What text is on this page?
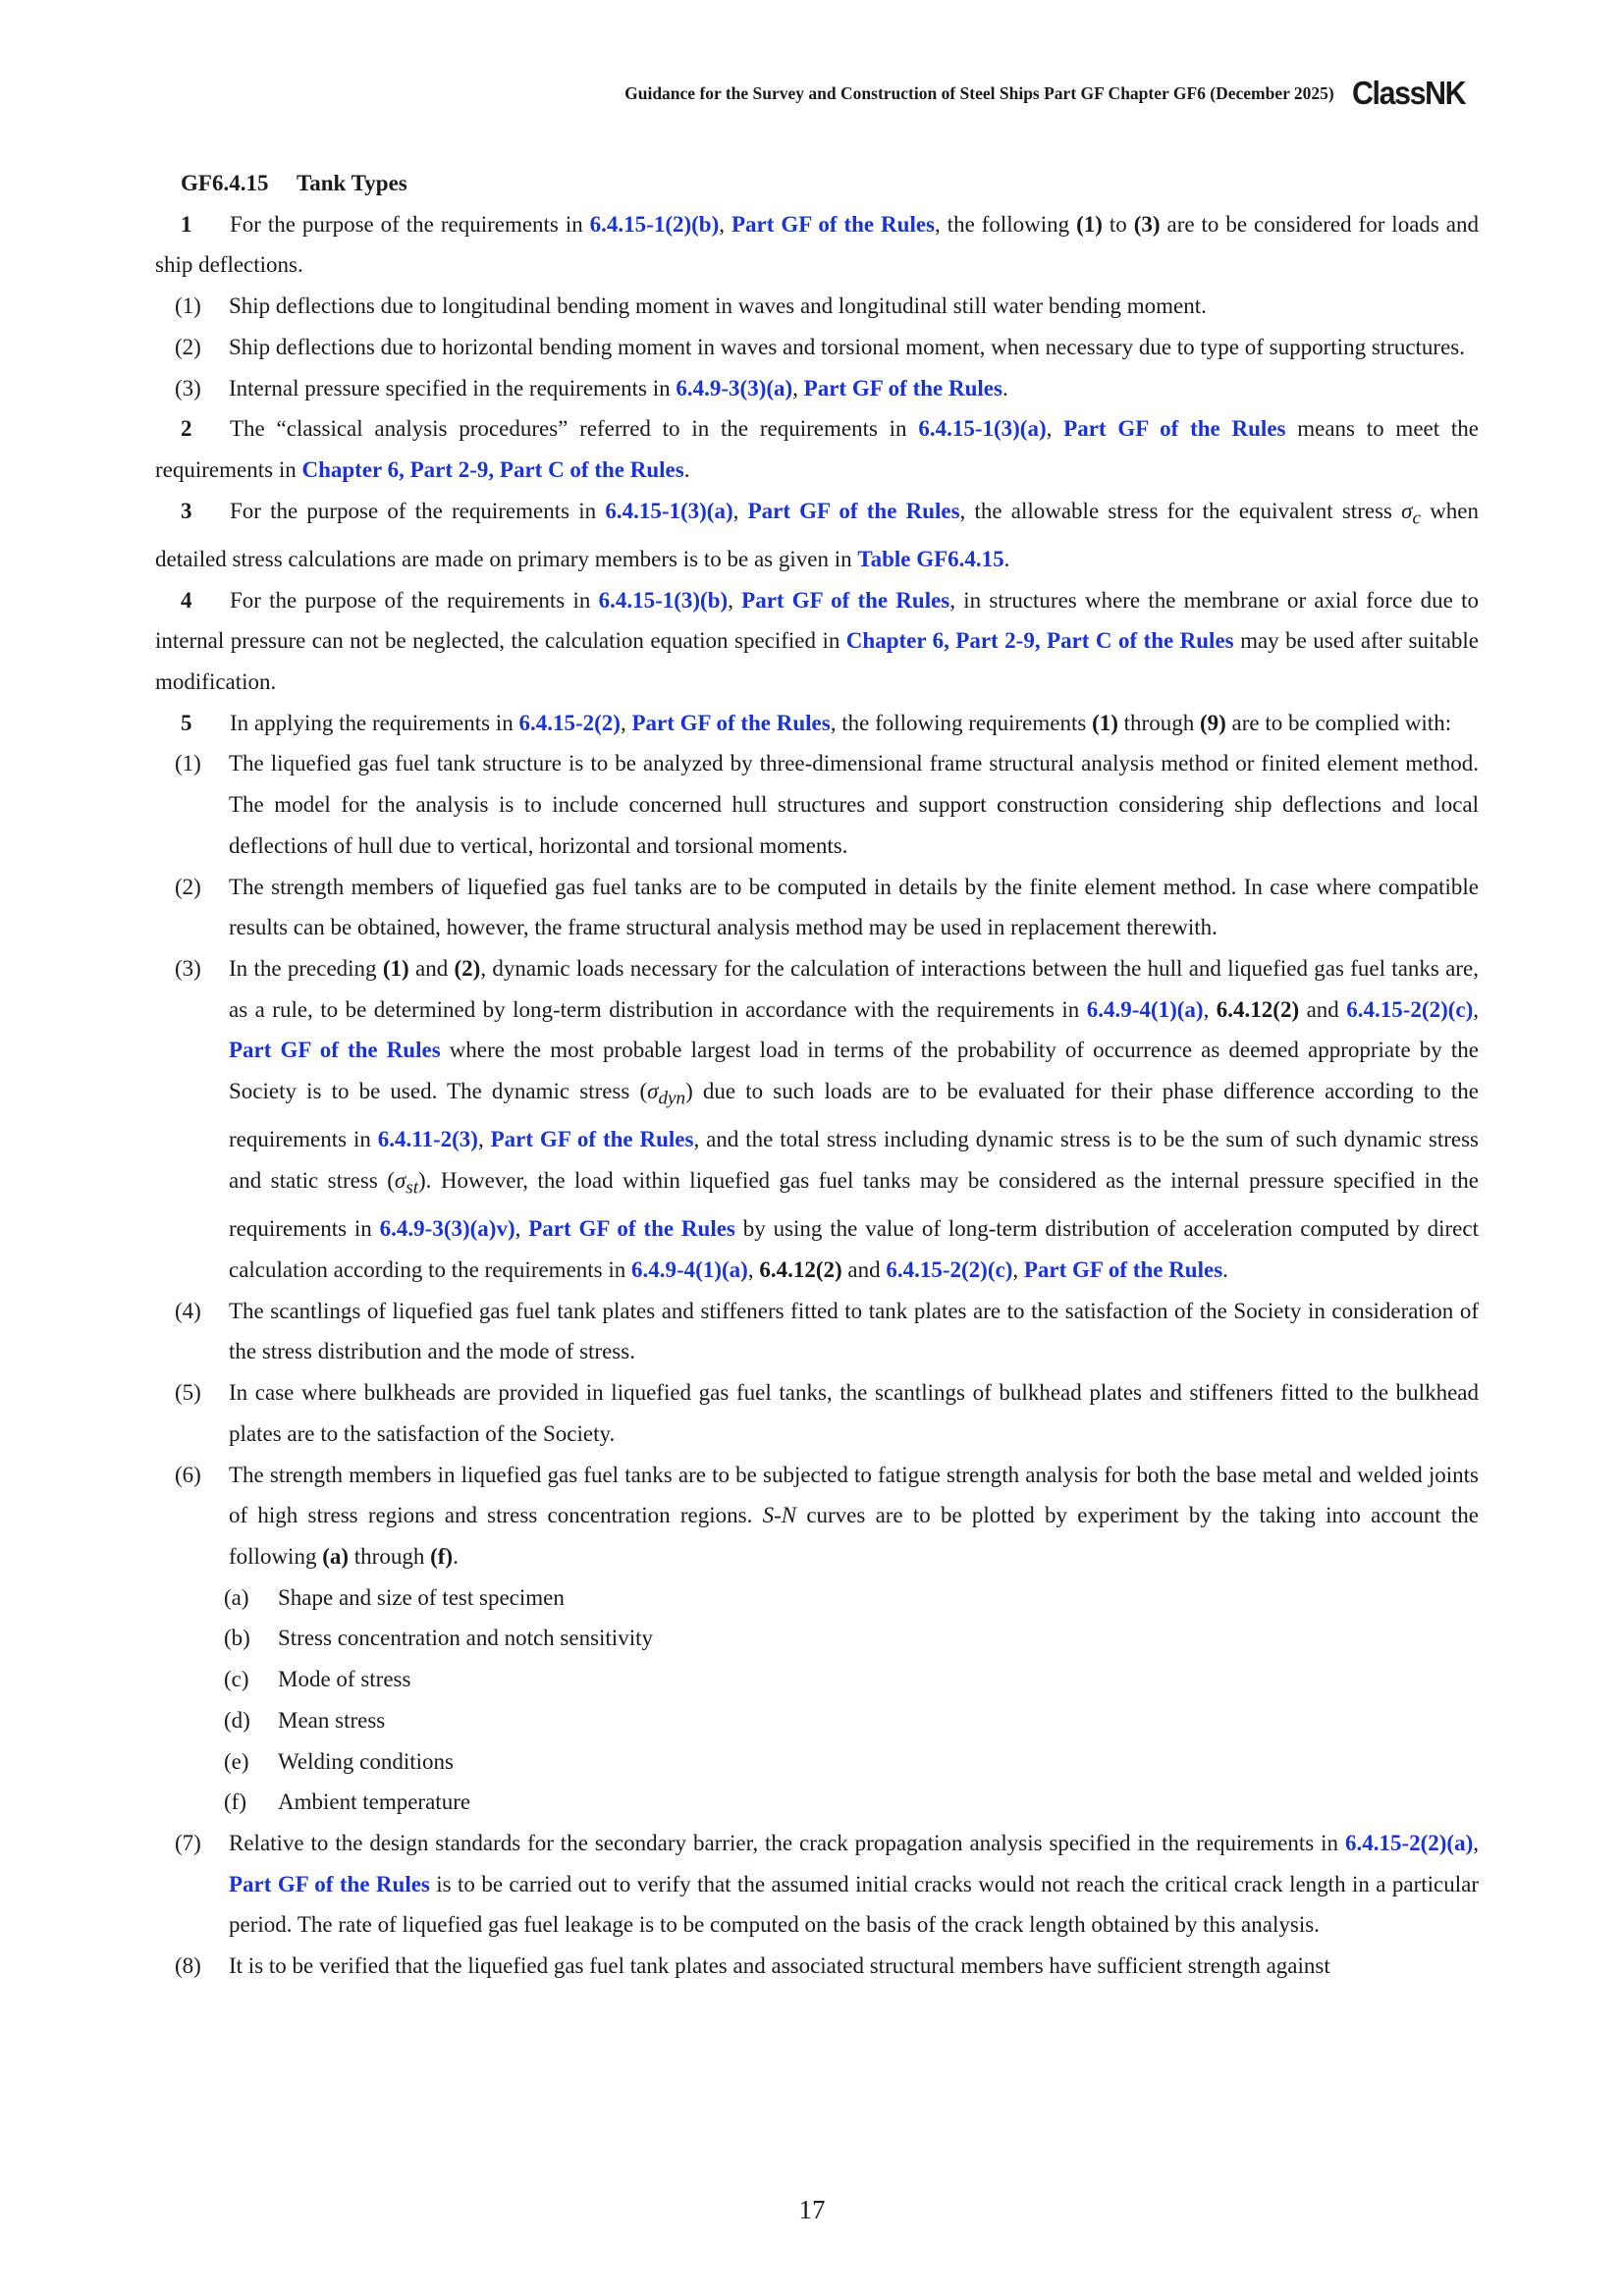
Guidance for the Survey and Construction of Steel Ships Part GF Chapter GF6 (December 2025) ClassNK

GF6.4.15 Tank Types

1 For the purpose of the requirements in 6.4.15-1(2)(b), Part GF of the Rules, the following (1) to (3) are to be considered for loads and ship deflections.

(1) Ship deflections due to longitudinal bending moment in waves and longitudinal still water bending moment.

(2) Ship deflections due to horizontal bending moment in waves and torsional moment, when necessary due to type of supporting structures.

(3) Internal pressure specified in the requirements in 6.4.9-3(3)(a), Part GF of the Rules.

2 The “classical analysis procedures” referred to in the requirements in 6.4.15-1(3)(a), Part GF of the Rules means to meet the requirements in Chapter 6, Part 2-9, Part C of the Rules.

3 For the purpose of the requirements in 6.4.15-1(3)(a), Part GF of the Rules, the allowable stress for the equivalent stress $\sigma_c$ when detailed stress calculations are made on primary members is to be as given in Table GF6.4.15.

4 For the purpose of the requirements in 6.4.15-1(3)(b), Part GF of the Rules, in structures where the membrane or axial force due to internal pressure can not be neglected, the calculation equation specified in Chapter 6, Part 2-9, Part C of the Rules may be used after suitable modification.

5 In applying the requirements in 6.4.15-2(2), Part GF of the Rules, the following requirements (1) through (9) are to be complied with:

(1) The liquefied gas fuel tank structure is to be analyzed by three-dimensional frame structural analysis method or finited element method. The model for the analysis is to include concerned hull structures and support construction considering ship deflections and local deflections of hull due to vertical, horizontal and torsional moments.

(2) The strength members of liquefied gas fuel tanks are to be computed in details by the finite element method. In case where compatible results can be obtained, however, the frame structural analysis method may be used in replacement therewith.

(3) In the preceding (1) and (2), dynamic loads necessary for the calculation of interactions between the hull and liquefied gas fuel tanks are, as a rule, to be determined by long-term distribution in accordance with the requirements in 6.4.9-4(1)(a), 6.4.12(2) and 6.4.15-2(2)(c), Part GF of the Rules where the most probable largest load in terms of the probability of occurrence as deemed appropriate by the Society is to be used. The dynamic stress $(\sigma_{dyn})$ due to such loads are to be evaluated for their phase difference according to the requirements in 6.4.11-2(3), Part GF of the Rules, and the total stress including dynamic stress is to be the sum of such dynamic stress and static stress $(\sigma_{st})$. However, the load within liquefied gas fuel tanks may be considered as the internal pressure specified in the requirements in 6.4.9-3(3)(a)v), Part GF of the Rules by using the value of long-term distribution of acceleration computed by direct calculation according to the requirements in 6.4.9-4(1)(a), 6.4.12(2) and 6.4.15-2(2)(c), Part GF of the Rules.

(4) The scantlings of liquefied gas fuel tank plates and stiffeners fitted to tank plates are to the satisfaction of the Society in consideration of the stress distribution and the mode of stress.

(5) In case where bulkheads are provided in liquefied gas fuel tanks, the scantlings of bulkhead plates and stiffeners fitted to the bulkhead plates are to the satisfaction of the Society.

(6) The strength members in liquefied gas fuel tanks are to be subjected to fatigue strength analysis for both the base metal and welded joints of high stress regions and stress concentration regions. S-N curves are to be plotted by experiment by the taking into account the following (a) through (f).

(a) Shape and size of test specimen

(b) Stress concentration and notch sensitivity

(c) Mode of stress

(d) Mean stress

(e) Welding conditions

(f) Ambient temperature

(7) Relative to the design standards for the secondary barrier, the crack propagation analysis specified in the requirements in 6.4.15-2(2)(a), Part GF of the Rules is to be carried out to verify that the assumed initial cracks would not reach the critical crack length in a particular period. The rate of liquefied gas fuel leakage is to be computed on the basis of the crack length obtained by this analysis.

(8) It is to be verified that the liquefied gas fuel tank plates and associated structural members have sufficient strength against

17
